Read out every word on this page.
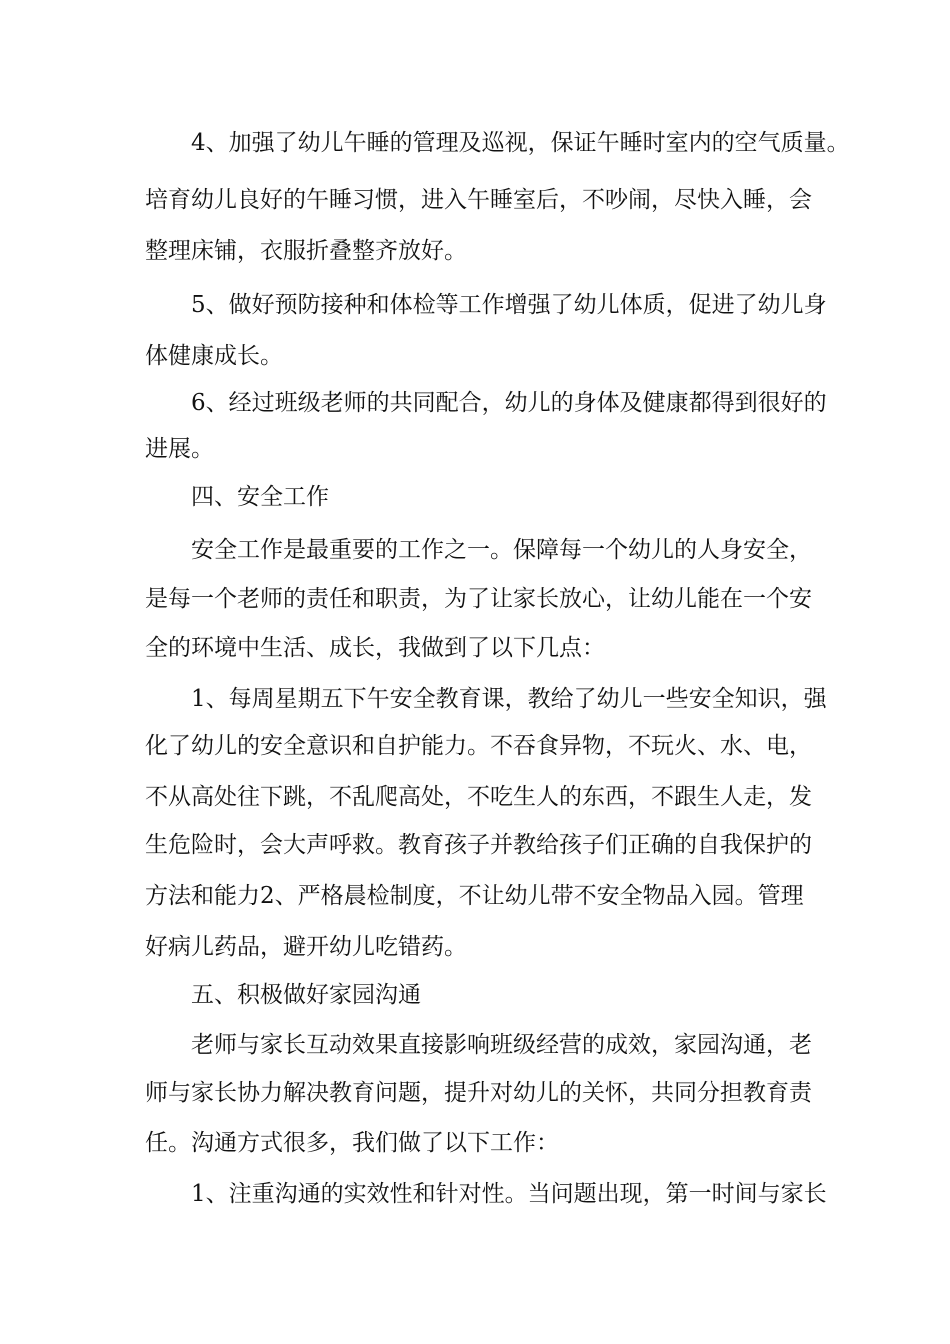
4、加强了幼儿午睡的管理及巡视，保证午睡时室内的空气质量。
培育幼儿良好的午睡习惯，进入午睡室后，不吵闹，尽快入睡，会
整理床铺，衣服折叠整齐放好。
5、做好预防接种和体检等工作增强了幼儿体质，促进了幼儿身
体健康成长。
6、经过班级老师的共同配合，幼儿的身体及健康都得到很好的
进展。
四、安全工作
安全工作是最重要的工作之一。保障每一个幼儿的人身安全，
是每一个老师的责任和职责，为了让家长放心，让幼儿能在一个安
全的环境中生活、成长，我做到了以下几点：
1、每周星期五下午安全教育课，教给了幼儿一些安全知识，强
化了幼儿的安全意识和自护能力。不吞食异物，不玩火、水、电，
不从高处往下跳，不乱爬高处，不吃生人的东西，不跟生人走，发
生危险时，会大声呼救。教育孩子并教给孩子们正确的自我保护的
方法和能力2、严格晨检制度，不让幼儿带不安全物品入园。管理
好病儿药品，避开幼儿吃错药。
五、积极做好家园沟通
老师与家长互动效果直接影响班级经营的成效，家园沟通，老
师与家长协力解决教育问题，提升对幼儿的关怀，共同分担教育责
任。沟通方式很多，我们做了以下工作：
1、注重沟通的实效性和针对性。当问题出现，第一时间与家长
